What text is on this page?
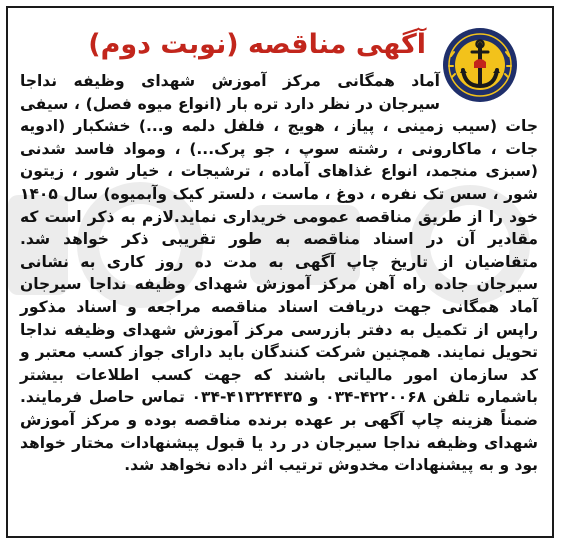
آگهی مناقصه (نوبت دوم)
آماد همگانی مرکز آموزش شهدای وظیفه نداجا سیرجان در نظر دارد تره بار (انواع میوه فصل) ، سیفی جات (سیب زمینی ، پیاز ، هویج ، فلفل دلمه و...) خشکبار (ادویه جات ، ماکارونی ، رشته سوپ ، جو پرک...) ، ومواد فاسد شدنی (سبزی منجمد، انواع غذاهای آماده ، ترشیجات ، خیار شور ، زیتون شور ، سس تک نفره ، دوغ ، ماست ، دلستر کیک وآبمیوه) سال ۱۴۰۵ خود را از طریق مناقصه عمومی خریداری نماید.لازم به ذکر است که مقادیر آن در اسناد مناقصه به طور تقریبی ذکر خواهد شد. متقاضیان از تاریخ چاپ آگهی به مدت ده روز کاری به نشانی سیرجان جاده راه آهن مرکز آموزش شهدای وظیفه نداجا سیرجان آماد همگانی جهت دریافت اسناد مناقصه مراجعه و اسناد مذکور راپس از تکمیل به دفتر بازرسی مرکز آموزش شهدای وظیفه نداجا تحویل نمایند. همچنین شرکت کنندگان باید دارای جواز کسب معتبر و کد سازمان امور مالیاتی باشند که جهت کسب اطلاعات بیشتر باشماره تلفن ۴۲۲۰۰۶۸-۰۳۴ و ۴۱۳۲۴۴۳۵-۰۳۴ تماس حاصل فرمایند. ضمناً هزینه چاپ آگهی بر عهده برنده مناقصه بوده و مرکز آموزش شهدای وظیفه نداجا سیرجان در رد یا قبول پیشنهادات مختار خواهد بود و به پیشنهادات مخدوش ترتیب اثر داده نخواهد شد.
